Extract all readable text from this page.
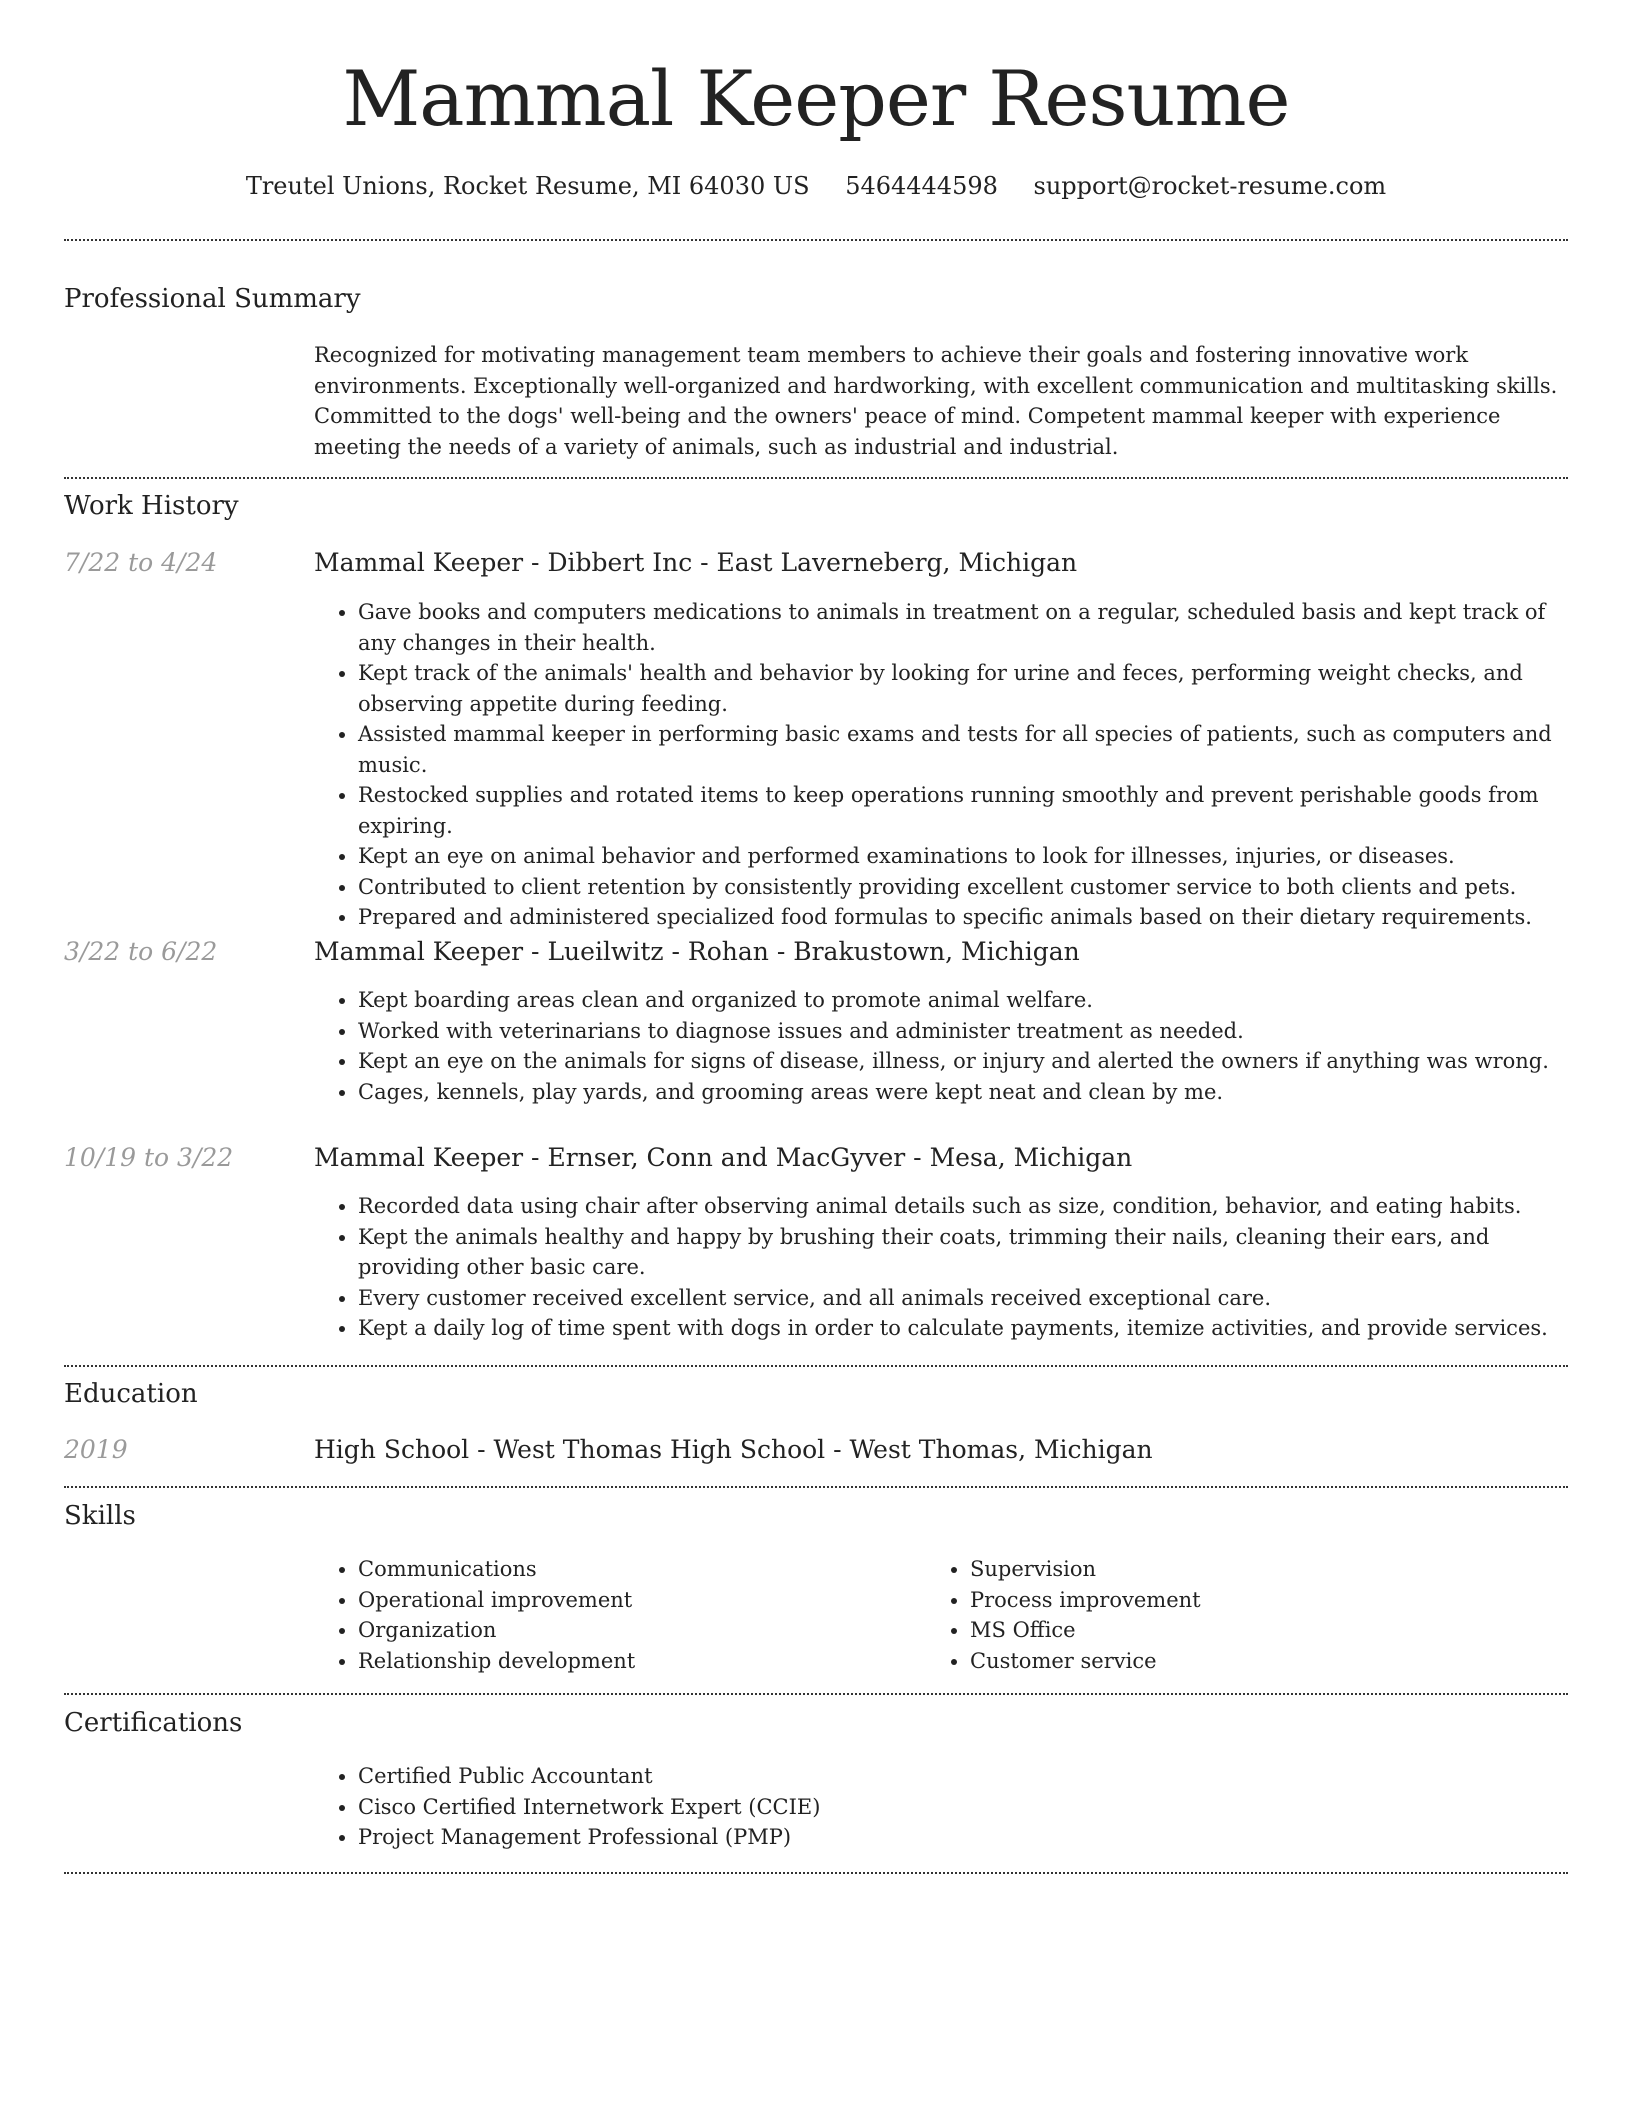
Mammal Keeper Resume
Treutel Unions, Rocket Resume, MI 64030 US 5464444598 support@rocket-resume.com
Professional Summary
Recognized for motivating management team members to achieve their goals and fostering innovative work environments. Exceptionally well-organized and hardworking, with excellent communication and multitasking skills. Committed to the dogs' well-being and the owners' peace of mind. Competent mammal keeper with experience meeting the needs of a variety of animals, such as industrial and industrial.
Work History
7/22 to 4/24	Mammal Keeper - Dibbert Inc - East Laverneberg, Michigan
• Gave books and computers medications to animals in treatment on a regular, scheduled basis and kept track of any changes in their health.
• Kept track of the animals' health and behavior by looking for urine and feces, performing weight checks, and observing appetite during feeding.
• Assisted mammal keeper in performing basic exams and tests for all species of patients, such as computers and music.
• Restocked supplies and rotated items to keep operations running smoothly and prevent perishable goods from expiring.
• Kept an eye on animal behavior and performed examinations to look for illnesses, injuries, or diseases.
• Contributed to client retention by consistently providing excellent customer service to both clients and pets.
• Prepared and administered specialized food formulas to specific animals based on their dietary requirements.
3/22 to 6/22	Mammal Keeper - Lueilwitz - Rohan - Brakustown, Michigan
• Kept boarding areas clean and organized to promote animal welfare.
• Worked with veterinarians to diagnose issues and administer treatment as needed.
• Kept an eye on the animals for signs of disease, illness, or injury and alerted the owners if anything was wrong.
• Cages, kennels, play yards, and grooming areas were kept neat and clean by me.
10/19 to 3/22	Mammal Keeper - Ernser, Conn and MacGyver - Mesa, Michigan
• Recorded data using chair after observing animal details such as size, condition, behavior, and eating habits.
• Kept the animals healthy and happy by brushing their coats, trimming their nails, cleaning their ears, and providing other basic care.
• Every customer received excellent service, and all animals received exceptional care.
• Kept a daily log of time spent with dogs in order to calculate payments, itemize activities, and provide services.
Education
2019	High School - West Thomas High School - West Thomas, Michigan
Skills
• Communications
• Operational improvement
• Organization
• Relationship development
• Supervision
• Process improvement
• MS Office
• Customer service
Certifications
• Certified Public Accountant
• Cisco Certified Internetwork Expert (CCIE)
• Project Management Professional (PMP)
